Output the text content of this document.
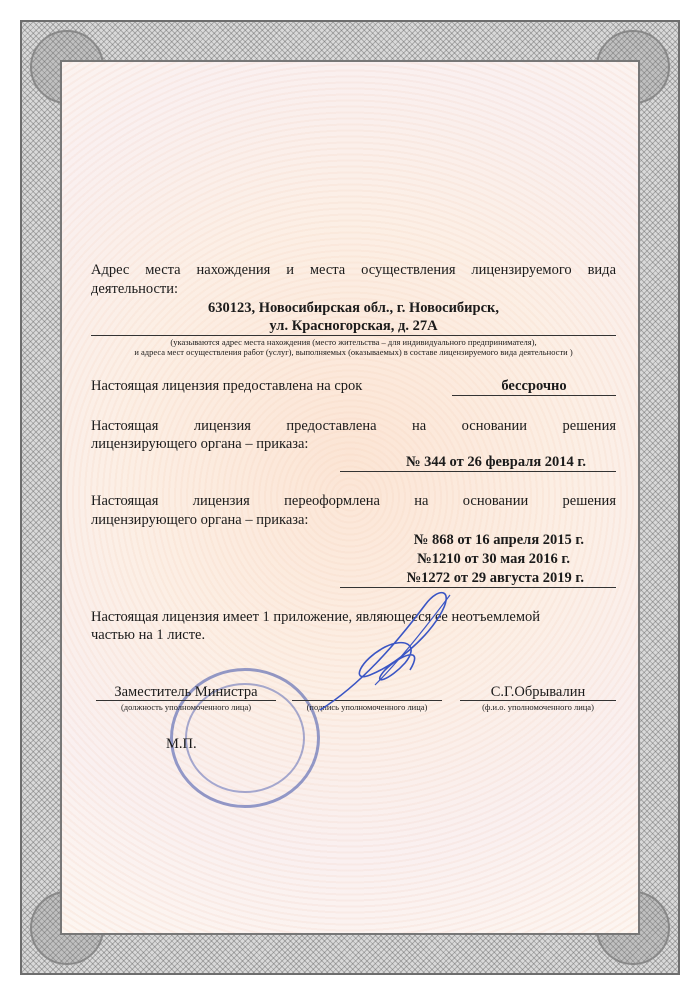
Адрес места нахождения и места осуществления лицензируемого вида
деятельности:
630123, Новосибирская обл., г. Новосибирск,
ул. Красногорская, д. 27А
(указываются адрес места нахождения (место жительства – для индивидуального предпринимателя),
и адреса мест осуществления работ (услуг), выполняемых (оказываемых) в составе лицензируемого вида деятельности )
Настоящая лицензия предоставлена на срок	бессрочно
Настоящая лицензия предоставлена на основании решения
лицензирующего органа – приказа:
№ 344 от 26 февраля 2014 г.
Настоящая лицензия переоформлена на основании решения
лицензирующего органа – приказа:
№ 868 от 16 апреля 2015 г.
№1210 от 30 мая 2016 г.
№1272 от 29 августа 2019 г.
Настоящая лицензия имеет 1 приложение, являющееся ее неотъемлемой
частью на 1 листе.
Заместитель Министра
(должность уполномоченного лица)	(подпись уполномоченного лица)
С.Г.Обрывалин
(ф.и.о. уполномоченного лица)
М.П.
